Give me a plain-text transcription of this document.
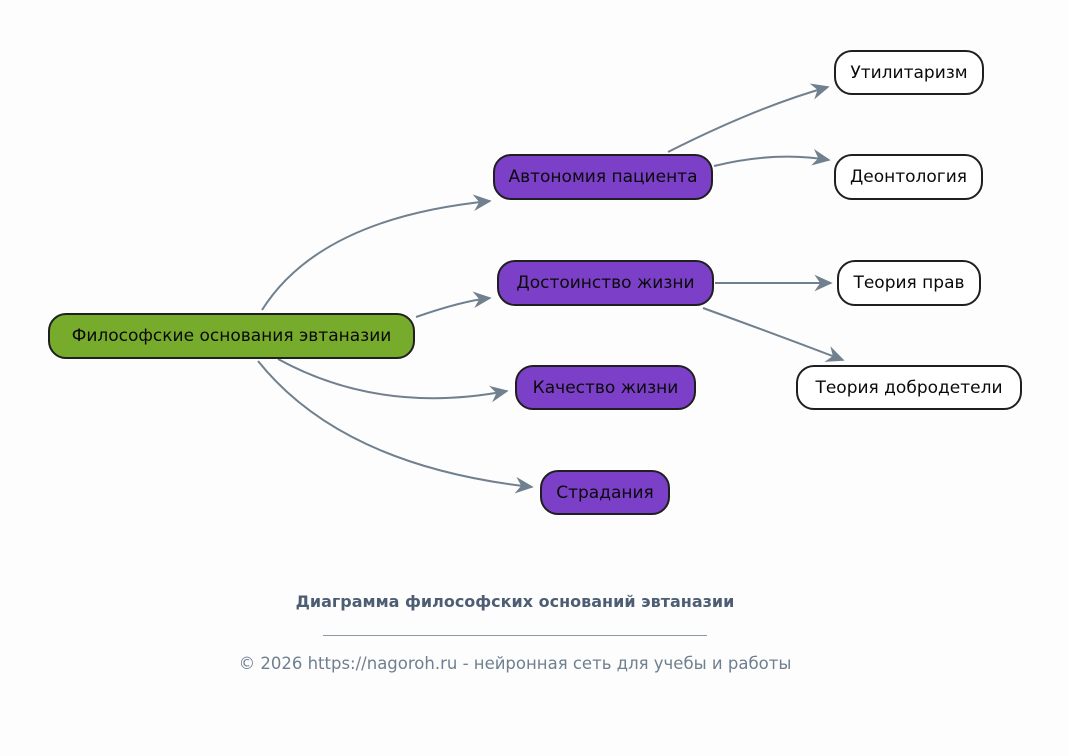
Философские основания эвтаназии
Автономия пациента
Достоинство жизни
Качество жизни
Страдания
Утилитаризм
Деонтология
Теория прав
Теория добродетели
Диаграмма философских оснований эвтаназии
© 2026 https://nagoroh.ru - нейронная сеть для учебы и работы
